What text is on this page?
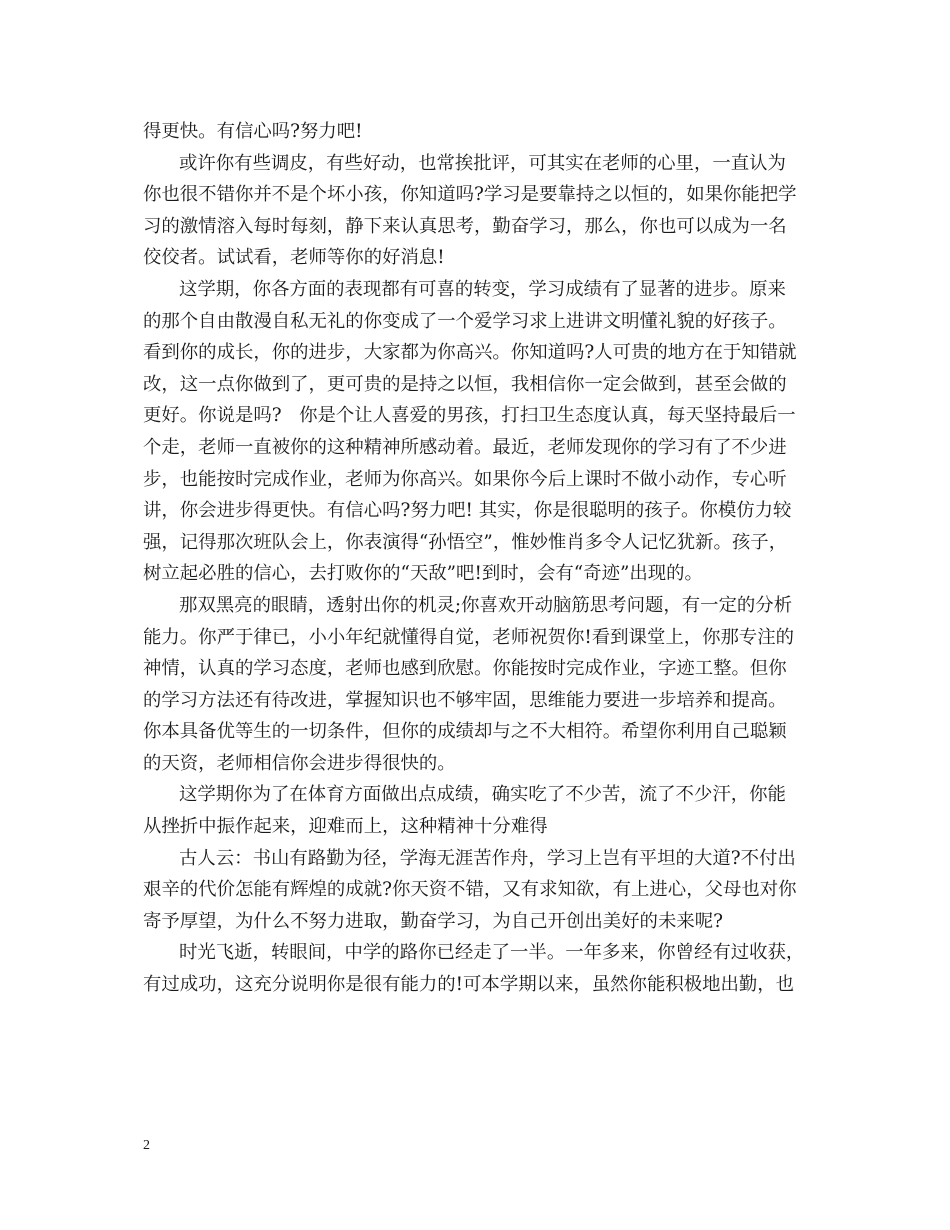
得更快。有信心吗?努力吧!
或许你有些调皮，有些好动，也常挨批评，可其实在老师的心里，一直认为
你也很不错你并不是个坏小孩，你知道吗?学习是要靠持之以恒的，如果你能把学
习的激情溶入每时每刻，静下来认真思考，勤奋学习，那么，你也可以成为一名
佼佼者。试试看，老师等你的好消息!
这学期，你各方面的表现都有可喜的转变，学习成绩有了显著的进步。原来
的那个自由散漫自私无礼的你变成了一个爱学习求上进讲文明懂礼貌的好孩子。
看到你的成长，你的进步，大家都为你高兴。你知道吗?人可贵的地方在于知错就
改，这一点你做到了，更可贵的是持之以恒，我相信你一定会做到，甚至会做的
更好。你说是吗?   你是个让人喜爱的男孩，打扫卫生态度认真，每天坚持最后一
个走，老师一直被你的这种精神所感动着。最近，老师发现你的学习有了不少进
步，也能按时完成作业，老师为你高兴。如果你今后上课时不做小动作，专心听
讲，你会进步得更快。有信心吗?努力吧! 其实，你是很聪明的孩子。你模仿力较
强，记得那次班队会上，你表演得“孙悟空”，惟妙惟肖多令人记忆犹新。孩子，
树立起必胜的信心，去打败你的“天敌”吧!到时，会有“奇迹”出现的。
那双黑亮的眼睛，透射出你的机灵;你喜欢开动脑筋思考问题，有一定的分析
能力。你严于律已，小小年纪就懂得自觉，老师祝贺你!看到课堂上，你那专注的
神情，认真的学习态度，老师也感到欣慰。你能按时完成作业，字迹工整。但你
的学习方法还有待改进，掌握知识也不够牢固，思维能力要进一步培养和提高。
你本具备优等生的一切条件，但你的成绩却与之不大相符。希望你利用自己聪颖
的天资，老师相信你会进步得很快的。
这学期你为了在体育方面做出点成绩，确实吃了不少苦，流了不少汗，你能
从挫折中振作起来，迎难而上，这种精神十分难得
古人云：书山有路勤为径，学海无涯苦作舟，学习上岂有平坦的大道?不付出
艰辛的代价怎能有辉煌的成就?你天资不错，又有求知欲，有上进心，父母也对你
寄予厚望，为什么不努力进取，勤奋学习，为自己开创出美好的未来呢?
时光飞逝，转眼间，中学的路你已经走了一半。一年多来，你曾经有过收获，
有过成功，这充分说明你是很有能力的!可本学期以来，虽然你能积极地出勤，也
2
